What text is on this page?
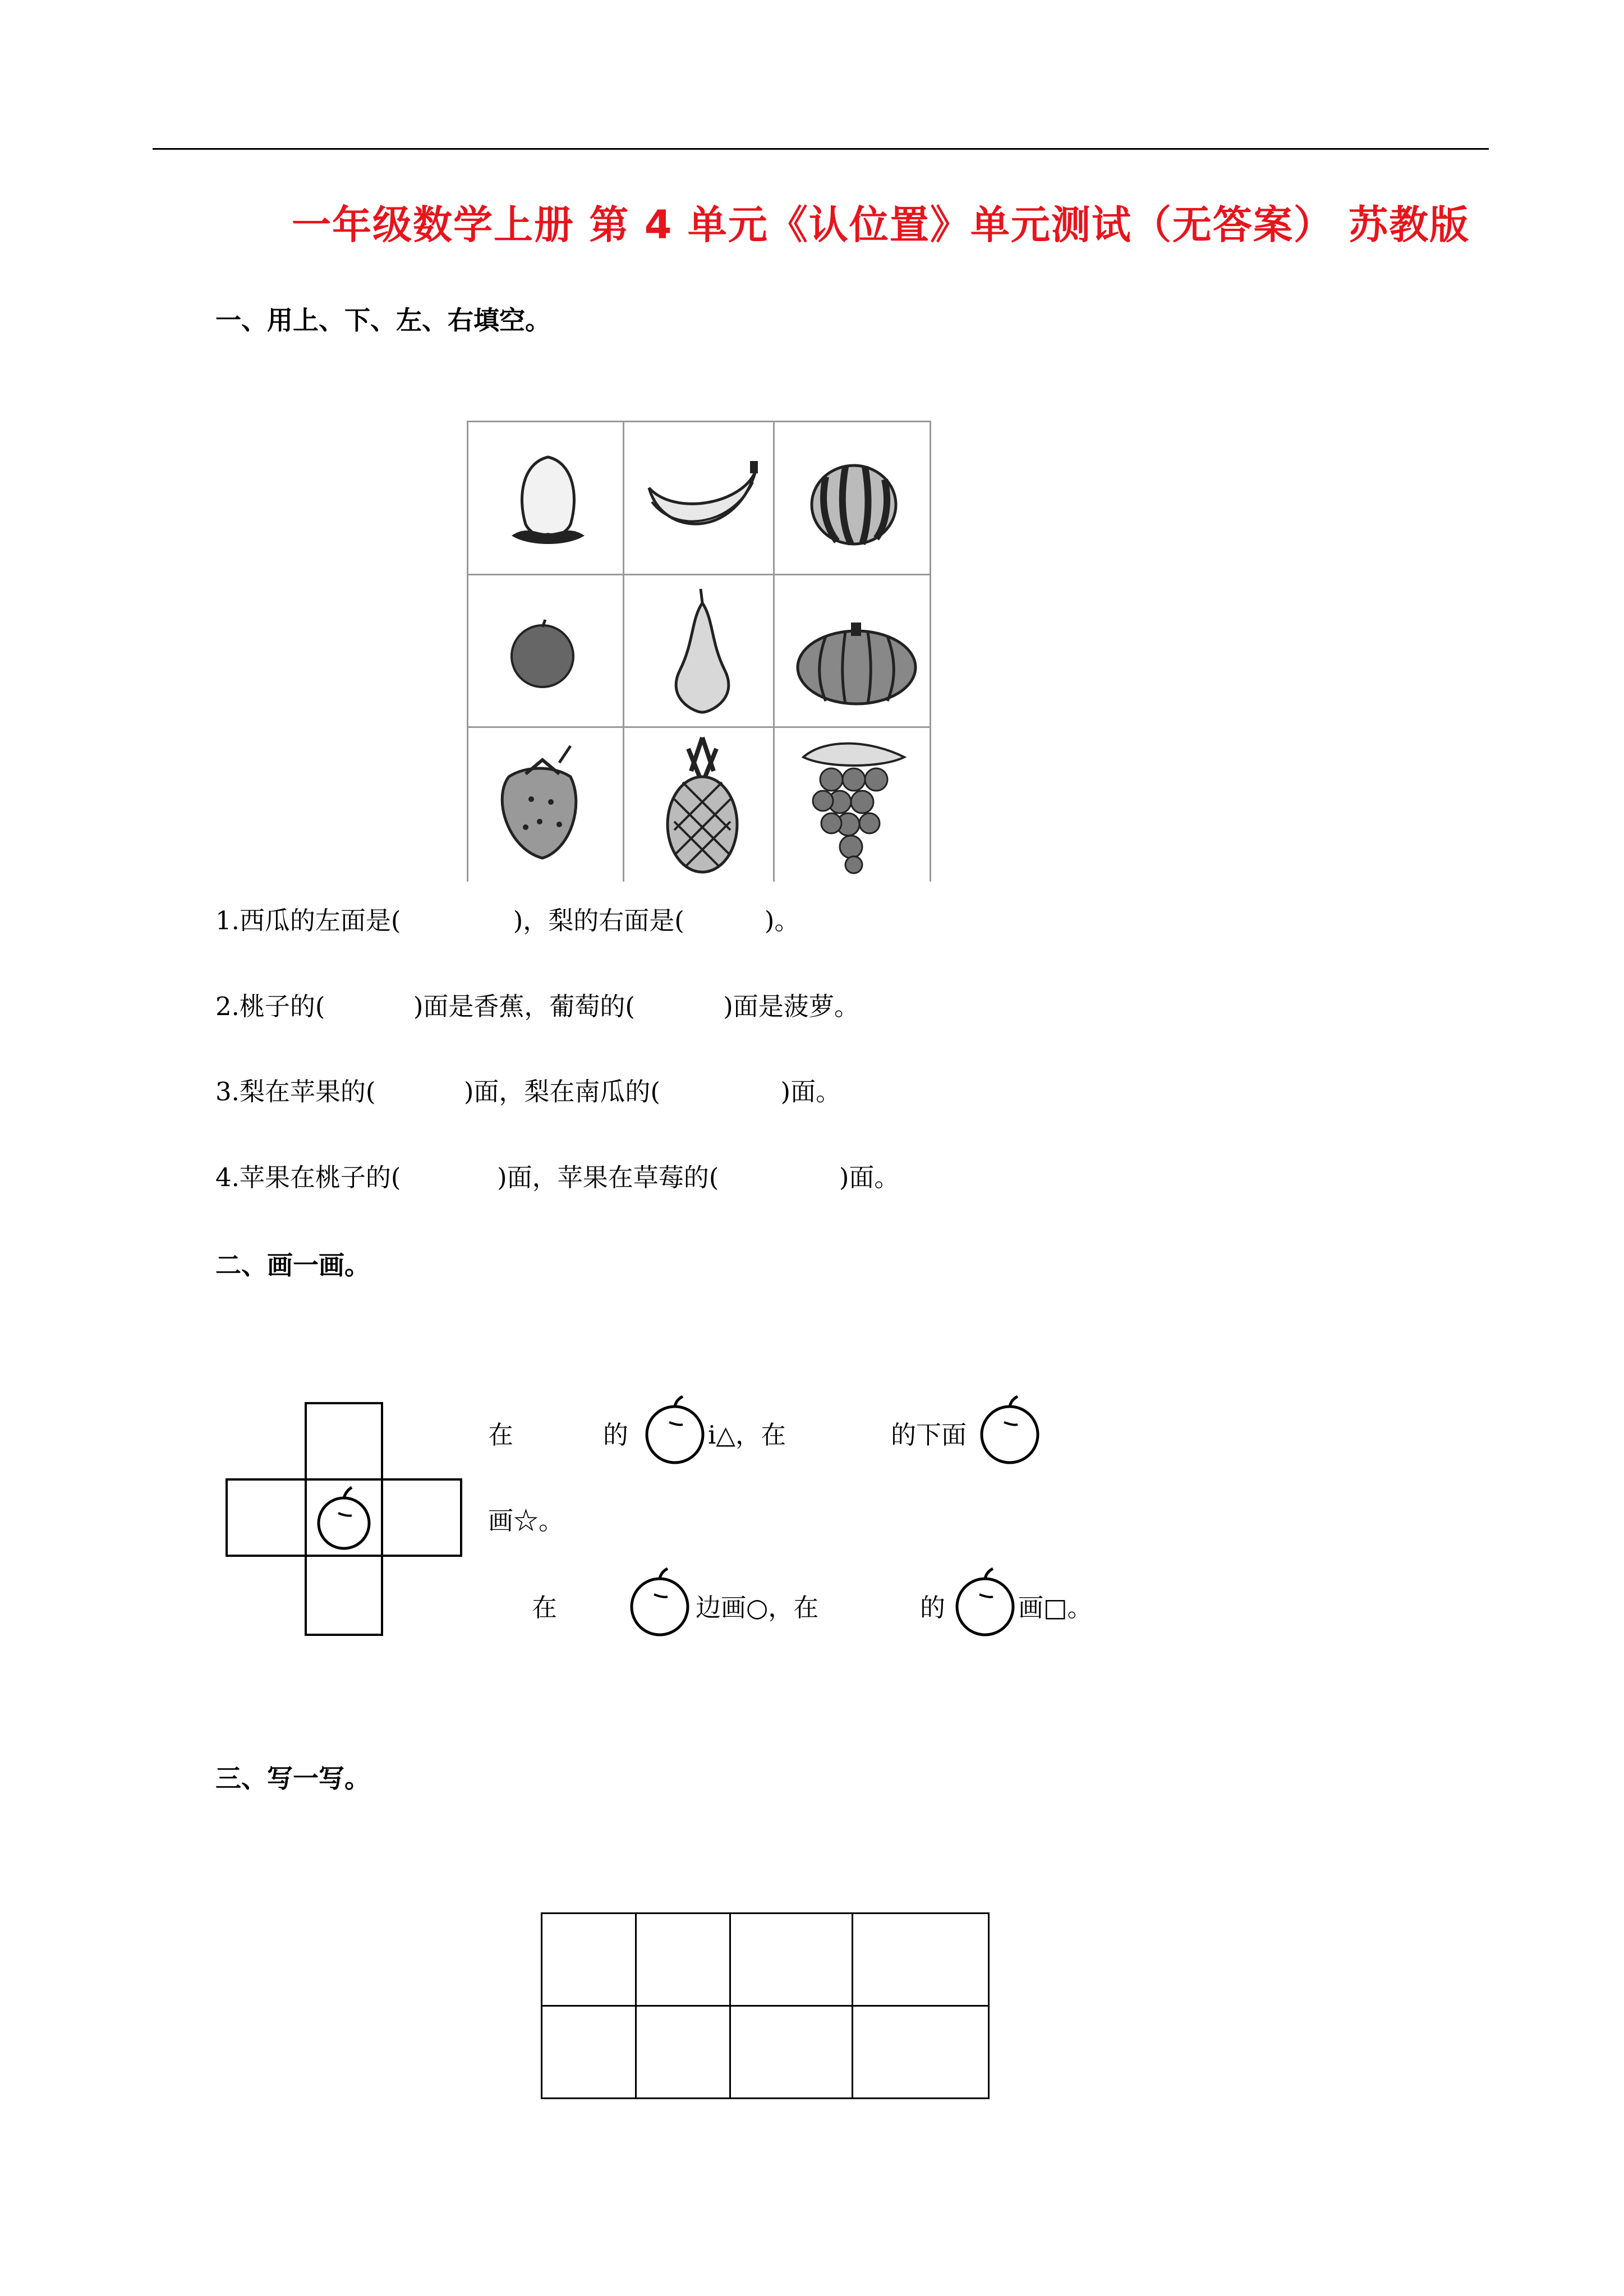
一年级数学上册 第 4 单元《认位置》单元测试（无答案） 苏教版
一、用上、下、左、右填空。
1.西瓜的左面是(              )，梨的右面是(          )。
2.桃子的(           )面是香蕉，葡萄的(           )面是菠萝。
3.梨在苹果的(           )面，梨在南瓜的(               )面。
4.苹果在桃子的(            )面，苹果在草莓的(               )面。
二、画一画。
在	的	i△，在	的下面
画☆。
在	边画○，在	的	画□。
三、写一写。
